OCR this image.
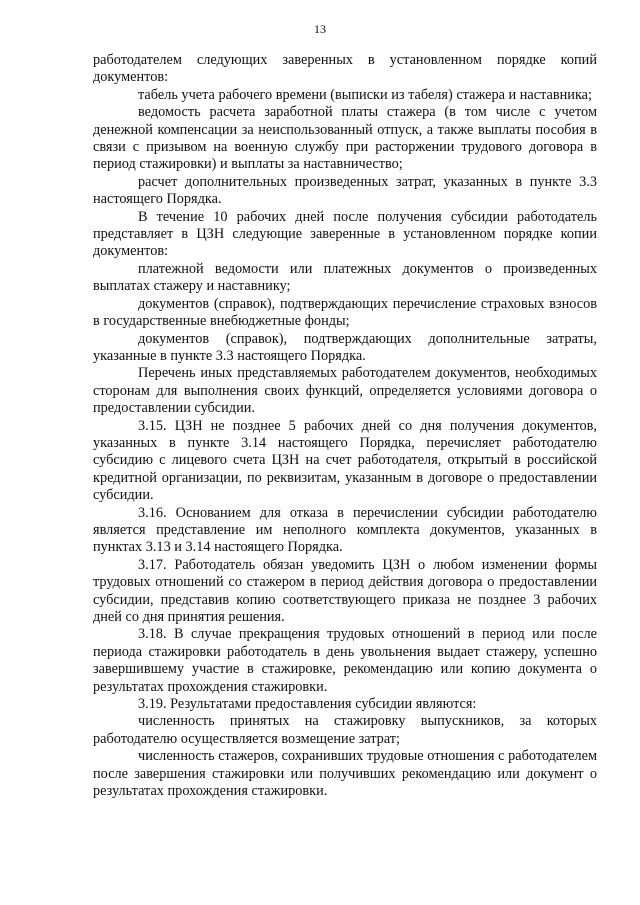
13

работодателем следующих заверенных в установленном порядке копий документов:

табель учета рабочего времени (выписки из табеля) стажера и наставника;

ведомость расчета заработной платы стажера (в том числе с учетом денежной компенсации за неиспользованный отпуск, а также выплаты пособия в связи с призывом на военную службу при расторжении трудового договора в период стажировки) и выплаты за наставничество;

расчет дополнительных произведенных затрат, указанных в пункте 3.3 настоящего Порядка.

В течение 10 рабочих дней после получения субсидии работодатель представляет в ЦЗН следующие заверенные в установленном порядке копии документов:

платежной ведомости или платежных документов о произведенных выплатах стажеру и наставнику;

документов (справок), подтверждающих перечисление страховых взносов в государственные внебюджетные фонды;

документов (справок), подтверждающих дополнительные затраты, указанные в пункте 3.3 настоящего Порядка.

Перечень иных представляемых работодателем документов, необходимых сторонам для выполнения своих функций, определяется условиями договора о предоставлении субсидии.

3.15. ЦЗН не позднее 5 рабочих дней со дня получения документов, указанных в пункте 3.14 настоящего Порядка, перечисляет работодателю субсидию с лицевого счета ЦЗН на счет работодателя, открытый в российской кредитной организации, по реквизитам, указанным в договоре о предоставлении субсидии.

3.16. Основанием для отказа в перечислении субсидии работодателю является представление им неполного комплекта документов, указанных в пунктах 3.13 и 3.14 настоящего Порядка.

3.17. Работодатель обязан уведомить ЦЗН о любом изменении формы трудовых отношений со стажером в период действия договора о предоставлении субсидии, представив копию соответствующего приказа не позднее 3 рабочих дней со дня принятия решения.

3.18. В случае прекращения трудовых отношений в период или после периода стажировки работодатель в день увольнения выдает стажеру, успешно завершившему участие в стажировке, рекомендацию или копию документа о результатах прохождения стажировки.

3.19. Результатами предоставления субсидии являются:

численность принятых на стажировку выпускников, за которых работодателю осуществляется возмещение затрат;

численность стажеров, сохранивших трудовые отношения с работодателем после завершения стажировки или получивших рекомендацию или документ о результатах прохождения стажировки.
